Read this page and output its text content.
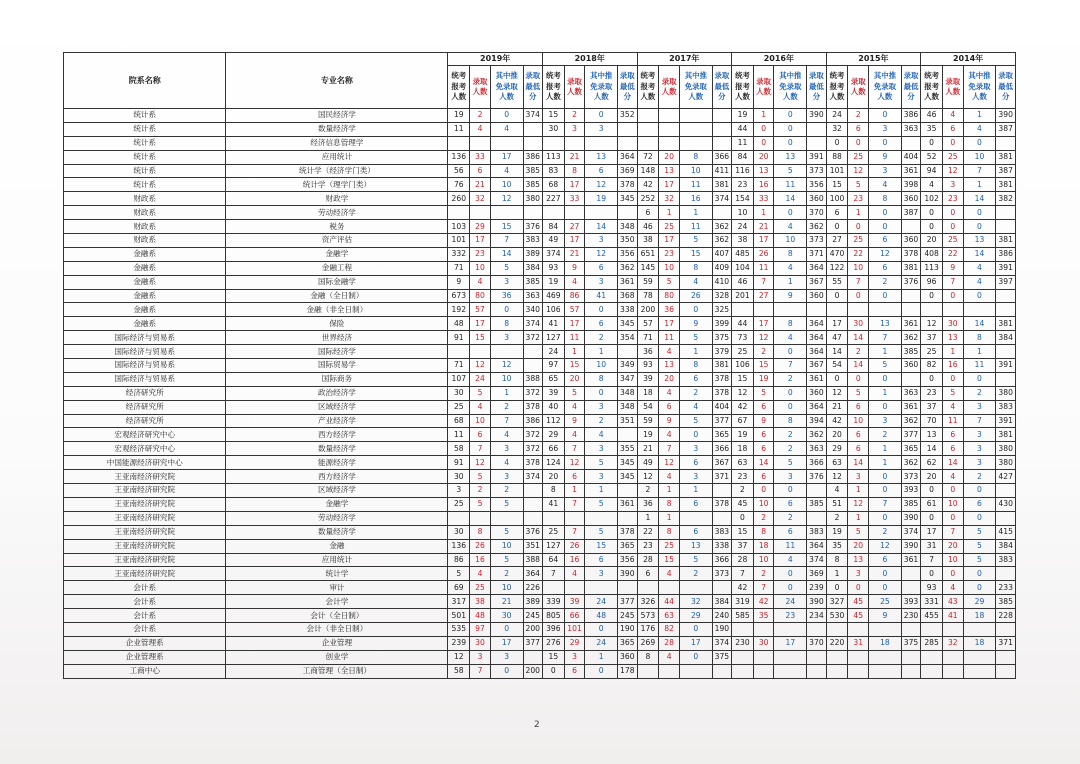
院系名称	专业名称	2019年				2018年				2017年				2016年				2015年				2014年			

		统考
报考
人数	录取
人数	其中推
免录取
人数	录取
最低
分	统考
报考
人数	录取
人数	其中推
免录取
人数	录取
最低
分	统考
报考
人数	录取
人数	其中推
免录取
人数	录取
最低
分	统考
报考
人数	录取
人数	其中推
免录取
人数	录取
最低
分	统考
报考
人数	录取
人数	其中推
免录取
人数	录取
最低
分	统考
报考
人数	录取
人数	其中推
免录取
人数	录取
最低
分

统计系	国民经济学	19	2	0	374	15	2	0	352					19	1	0	390	24	2	0	386	46	4	1	390
统计系	数量经济学	11	4	4		30	3	3						44	0	0		32	6	3	363	35	6	4	387
统计系	经济信息管理学													11	0	0		0	0	0		0	0	0	
统计系	应用统计	136	33	17	386	113	21	13	364	72	20	8	366	84	20	13	391	88	25	9	404	52	25	10	381
统计系	统计学（经济学门类）	56	6	4	385	83	8	6	369	148	13	10	411	116	13	5	373	101	12	3	361	94	12	7	387
统计系	统计学（理学门类）	76	21	10	385	68	17	12	378	42	17	11	381	23	16	11	356	15	5	4	398	4	3	1	381
财政系	财政学	260	32	12	380	227	33	19	345	252	32	16	374	154	33	14	360	100	23	8	360	102	23	14	382
财政系	劳动经济学									6	1	1		10	1	0	370	6	1	0	387	0	0	0	
财政系	税务	103	29	15	376	84	27	14	348	46	25	11	362	24	21	4	362	0	0	0		0	0	0	
财政系	资产评估	101	17	7	383	49	17	3	350	38	17	5	362	38	17	10	373	27	25	6	360	20	25	13	381
金融系	金融学	332	23	14	389	374	21	12	356	651	23	15	407	485	26	8	371	470	22	12	378	408	22	14	386
金融系	金融工程	71	10	5	384	93	9	6	362	145	10	8	409	104	11	4	364	122	10	6	381	113	9	4	391
金融系	国际金融学	9	4	3	385	19	4	3	361	59	5	4	410	46	7	1	367	55	7	2	376	96	7	4	397
金融系	金融（全日制）	673	80	36	363	469	86	41	368	78	80	26	328	201	27	9	360	0	0	0		0	0	0	
金融系	金融（非全日制）	192	57	0	340	106	57	0	338	200	36	0	325												
金融系	保险	48	17	8	374	41	17	6	345	57	17	9	399	44	17	8	364	17	30	13	361	12	30	14	381
国际经济与贸易系	世界经济	91	15	3	372	127	11	2	354	71	11	5	375	73	12	4	364	47	14	7	362	37	13	8	384
国际经济与贸易系	国际经济学					24	1	1		36	4	1	379	25	2	0	364	14	2	1	385	25	1	1	
国际经济与贸易系	国际贸易学	71	12	12		97	15	10	349	93	13	8	381	106	15	7	367	54	14	5	360	82	16	11	391
国际经济与贸易系	国际商务	107	24	10	388	65	20	8	347	39	20	6	378	15	19	2	361	0	0	0		0	0	0	
经济研究所	政治经济学	30	5	1	372	39	5	0	348	18	4	2	378	12	5	0	360	12	5	1	363	23	5	2	380
经济研究所	区域经济学	25	4	2	378	40	4	3	348	54	6	4	404	42	6	0	364	21	6	0	361	37	4	3	383
经济研究所	产业经济学	68	10	7	386	112	9	2	351	59	9	5	377	67	9	8	394	42	10	3	362	70	11	7	391
宏观经济研究中心	西方经济学	11	6	4	372	29	4	4		19	4	0	365	19	6	2	362	20	6	2	377	13	6	3	381
宏观经济研究中心	数量经济学	58	7	3	372	66	7	3	355	21	7	3	366	18	6	2	363	29	6	1	365	14	6	3	380
中国能源经济研究中心	能源经济学	91	12	4	378	124	12	5	345	49	12	6	367	63	14	5	366	63	14	1	362	62	14	3	380
王亚南经济研究院	西方经济学	30	5	3	374	20	6	3	345	12	4	3	371	23	6	3	376	12	3	0	373	20	4	2	427
王亚南经济研究院	区域经济学	3	2	2		8	1	1		2	1	1		2	0	0		4	1	0	393	0	0	0	
王亚南经济研究院	金融学	25	5	5		41	7	5	361	36	8	6	378	45	10	6	385	51	12	7	385	61	10	6	430
王亚南经济研究院	劳动经济学									1	1			0	2	2		2	1	0	390	0	0	0	
王亚南经济研究院	数量经济学	30	8	5	376	25	7	5	378	22	8	6	383	15	8	6	383	19	5	2	374	17	7	5	415
王亚南经济研究院	金融	136	26	10	351	127	26	15	365	23	25	13	338	37	18	11	364	35	20	12	390	31	20	5	384
王亚南经济研究院	应用统计	86	16	5	388	64	16	6	356	28	15	5	366	28	10	4	374	8	13	6	361	7	10	5	383
王亚南经济研究院	统计学	5	4	2	364	7	4	3	390	6	4	2	373	7	2	0	369	1	3	0		0	0	0	
会计系	审计	69	25	10	226									42	7	0	239	0	0	0		93	4	0	233
会计系	会计学	317	38	21	389	339	39	24	377	326	44	32	384	319	42	24	390	327	45	25	393	331	43	29	385
会计系	会计（全日制）	501	48	30	245	805	66	48	245	573	63	29	240	585	35	23	234	530	45	9	230	455	41	18	228
会计系	会计（非全日制）	535	97	0	200	396	101	0	190	176	82	0	190												
企业管理系	企业管理	239	30	17	377	276	29	24	365	269	28	17	374	230	30	17	370	220	31	18	375	285	32	18	371
企业管理系	创业学	12	3	3		15	3	1	360	8	4	0	375												
工商中心	工商管理（全日制）	58	7	0	200	0	6	0	178																
2
